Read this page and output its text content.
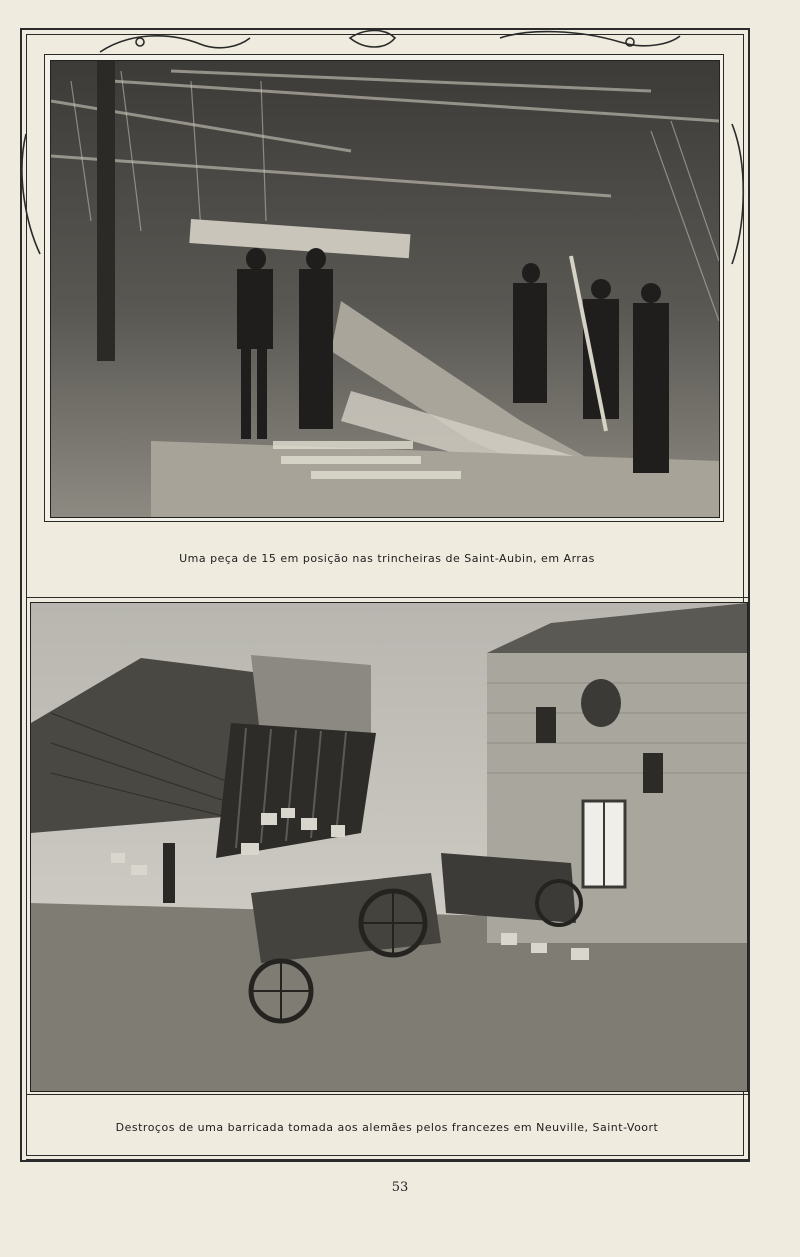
Uma peça de 15 em posição nas trincheiras de Saint-Aubin, em Arras
Destroços de uma barricada tomada aos alemães pelos francezes em Neuville, Saint-Voort
53
